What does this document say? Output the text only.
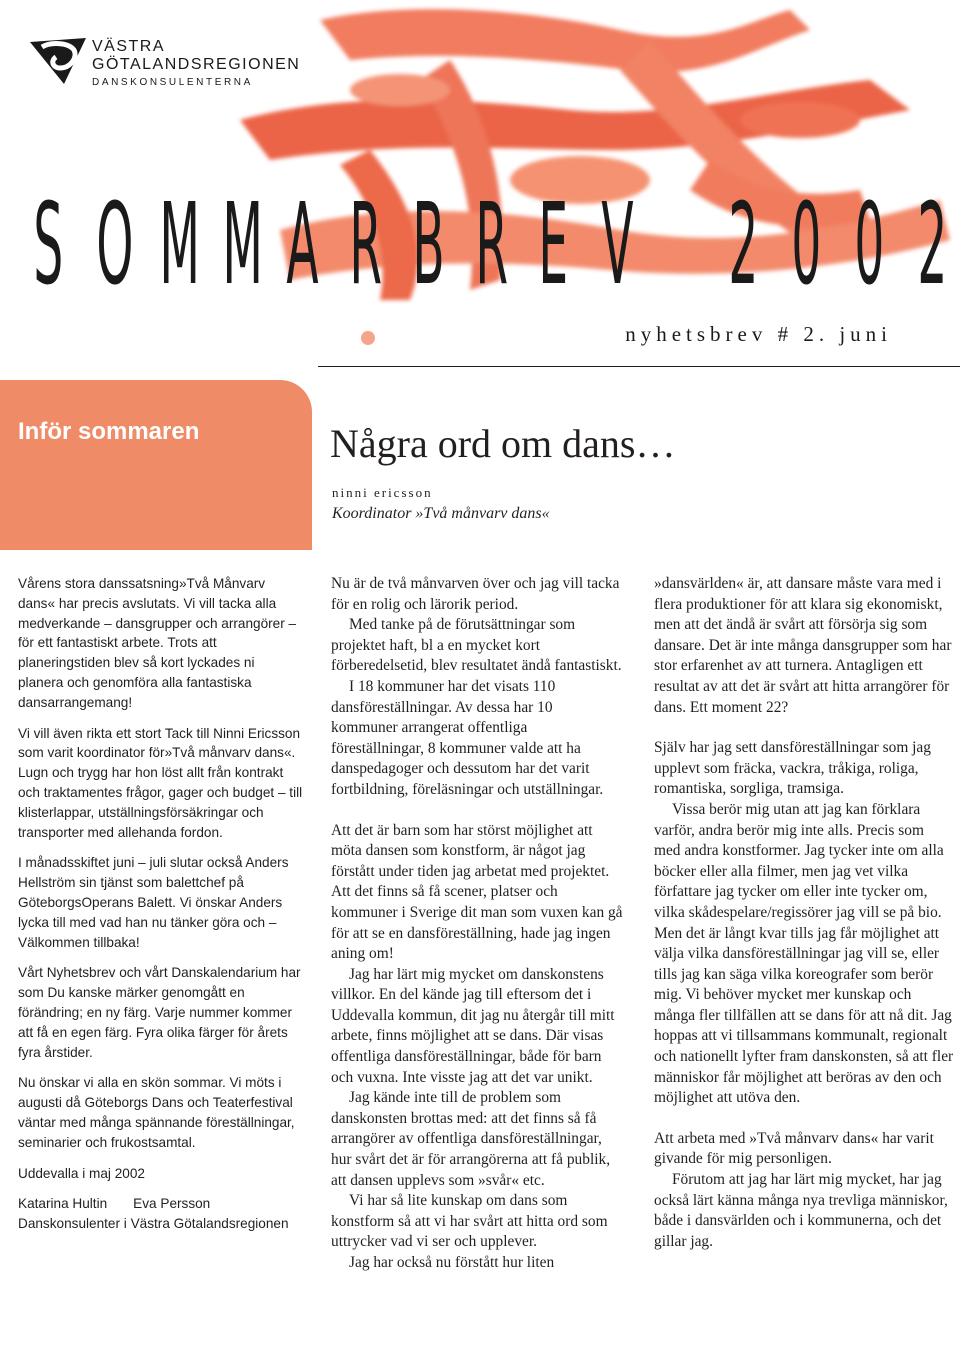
VÄSTRA
GÖTALANDSREGIONEN
DANSKONSULENTERNA
S O M M A R B R E V
2 0 0 2
nyhetsbrev # 2. juni
Inför sommaren	Några ord om dans…
ninni ericsson
Koordinator »Två månvarv dans«

Vårens stora danssatsning»Två Månvarv dans« har precis avslutats. Vi vill tacka alla medverkande – dansgrupper och arrangörer – för ett fantastiskt arbete. Trots att planeringstiden blev så kort lyckades ni planera och genomföra alla fantastiska dansarrangemang!

Vi vill även rikta ett stort Tack till Ninni Ericsson som varit koordinator för»Två månvarv dans«. Lugn och trygg har hon löst allt från kontrakt och traktamentes frågor, gager och budget – till klisterlappar, utställningsförsäkringar och transporter med allehanda fordon.

I månadsskiftet juni – juli slutar också Anders Hellström sin tjänst som balettchef på GöteborgsOperans Balett. Vi önskar Anders lycka till med vad han nu tänker göra och – Välkommen tillbaka!

Vårt Nyhetsbrev och vårt Danskalendarium har som Du kanske märker genomgått en förändring; en ny färg. Varje nummer kommer att få en egen färg. Fyra olika färger för årets fyra årstider.

Nu önskar vi alla en skön sommar. Vi möts i augusti då Göteborgs Dans och Teaterfestival väntar med många spännande föreställningar, seminarier och frukostsamtal.

Uddevalla i maj 2002

Katarina Hultin Eva Persson
Danskonsulenter i Västra Götalandsregionen

Nu är de två månvarven över och jag vill tacka för en rolig och lärorik period.

Med tanke på de förutsättningar som projektet haft, bl a en mycket kort förberedelsetid, blev resultatet ändå fantastiskt.

I 18 kommuner har det visats 110 dansföreställningar. Av dessa har 10 kommuner arrangerat offentliga föreställningar, 8 kommuner valde att ha danspedagoger och dessutom har det varit fortbildning, föreläsningar och utställningar.

Att det är barn som har störst möjlighet att möta dansen som konstform, är något jag förstått under tiden jag arbetat med projektet. Att det finns så få scener, platser och kommuner i Sverige dit man som vuxen kan gå för att se en dansföreställning, hade jag ingen aning om!

Jag har lärt mig mycket om danskonstens villkor. En del kände jag till eftersom det i Uddevalla kommun, dit jag nu återgår till mitt arbete, finns möjlighet att se dans. Där visas offentliga dansföreställningar, både för barn och vuxna. Inte visste jag att det var unikt.

Jag kände inte till de problem som danskonsten brottas med: att det finns så få arrangörer av offentliga dansföreställningar, hur svårt det är för arrangörerna att få publik, att dansen upplevs som »svår« etc.

Vi har så lite kunskap om dans som konstform så att vi har svårt att hitta ord som uttrycker vad vi ser och upplever.

Jag har också nu förstått hur liten

»dansvärlden« är, att dansare måste vara med i flera produktioner för att klara sig ekonomiskt, men att det ändå är svårt att försörja sig som dansare. Det är inte många dansgrupper som har stor erfarenhet av att turnera. Antagligen ett resultat av att det är svårt att hitta arrangörer för dans. Ett moment 22?

Själv har jag sett dansföreställningar som jag upplevt som fräcka, vackra, tråkiga, roliga, romantiska, sorgliga, tramsiga.

Vissa berör mig utan att jag kan förklara varför, andra berör mig inte alls. Precis som med andra konstformer. Jag tycker inte om alla böcker eller alla filmer, men jag vet vilka författare jag tycker om eller inte tycker om, vilka skådespelare/regissörer jag vill se på bio. Men det är långt kvar tills jag får möjlighet att välja vilka dansföreställningar jag vill se, eller tills jag kan säga vilka koreografer som berör mig. Vi behöver mycket mer kunskap och många fler tillfällen att se dans för att nå dit. Jag hoppas att vi tillsammans kommunalt, regionalt och nationellt lyfter fram danskonsten, så att fler människor får möjlighet att beröras av den och möjlighet att utöva den.

Att arbeta med »Två månvarv dans« har varit givande för mig personligen.

Förutom att jag har lärt mig mycket, har jag också lärt känna många nya trevliga människor, både i dansvärlden och i kommunerna, och det gillar jag.
